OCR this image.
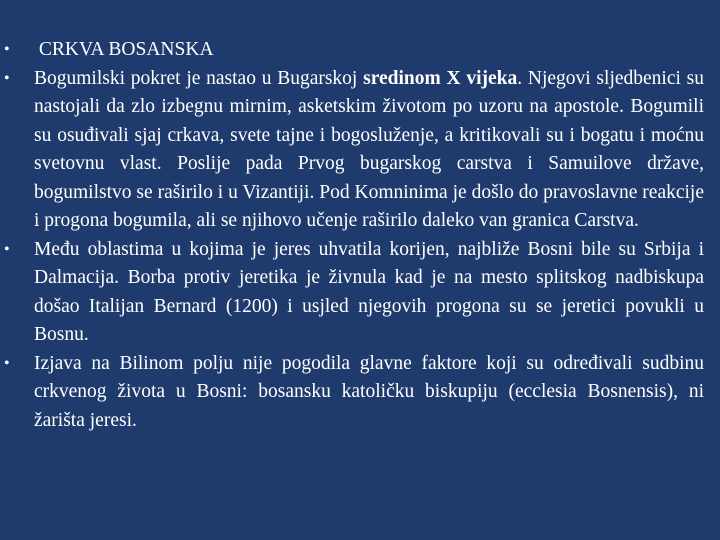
• CRKVA BOSANSKA
• Bogumilski pokret je nastao u Bugarskoj sredinom X vijeka. Njegovi sljedbenici su nastojali da zlo izbegnu mirnim, asketskim životom po uzoru na apostole. Bogumili su osuđivali sjaj crkava, svete tajne i bogosluženje, a kritikovali su i bogatu i moćnu svetovnu vlast. Poslije pada Prvog bugarskog carstva i Samuilove države, bogumilstvo se raširilo i u Vizantiji. Pod Komninima je došlo do pravoslavne reakcije i progona bogumila, ali se njihovo učenje raširilo daleko van granica Carstva.
• Među oblastima u kojima je jeres uhvatila korijen, najbliže Bosni bile su Srbija i Dalmacija. Borba protiv jeretika je živnula kad je na mesto splitskog nadbiskupa došao Italijan Bernard (1200) i usjled njegovih progona su se jeretici povukli u Bosnu.
• Izjava na Bilinom polju nije pogodila glavne faktore koji su određivali sudbinu crkvenog života u Bosni: bosansku katoličku biskupiju (ecclesia Bosnensis), ni žarišta jeresi.
